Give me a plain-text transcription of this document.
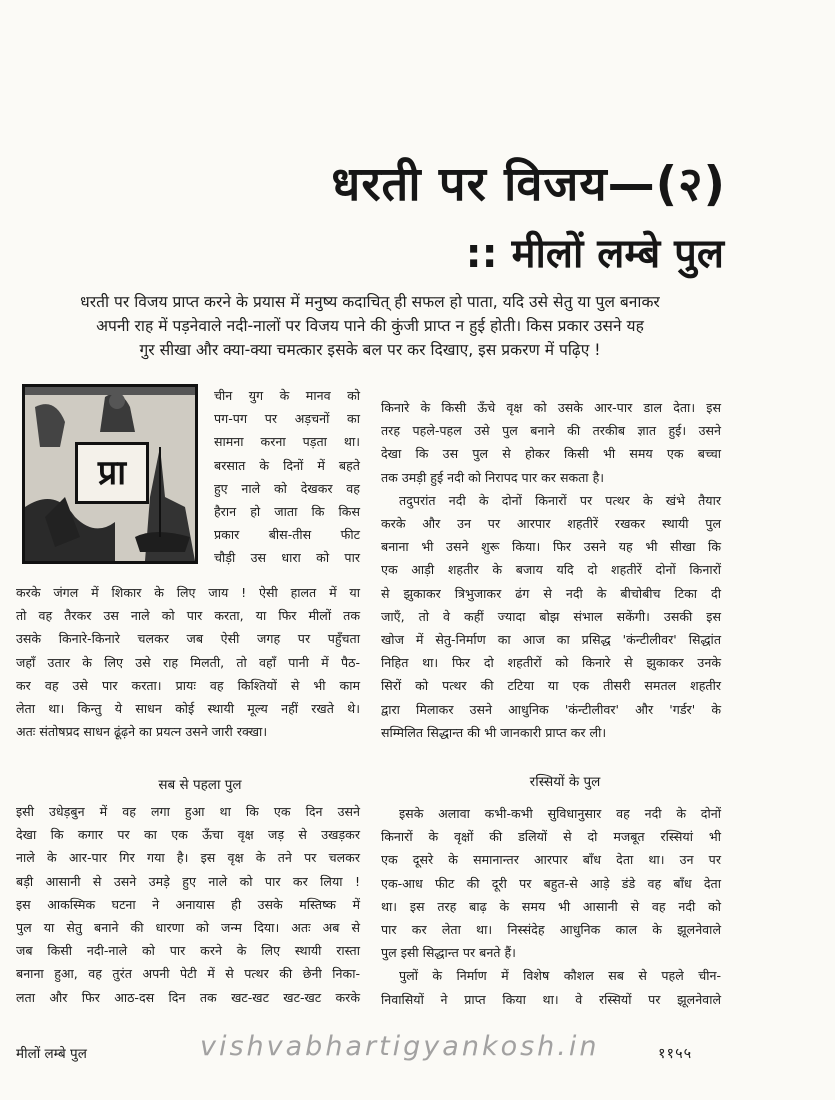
धरती पर विजय—(२)
:: मीलों लम्बे पुल
धरती पर विजय प्राप्त करने के प्रयास में मनुष्य कदाचित् ही सफल हो पाता, यदि उसे सेतु या पुल बनाकर
अपनी राह में पड़नेवाले नदी-नालों पर विजय पाने की कुंजी प्राप्त न हुई होती। किस प्रकार उसने यह
गुर सीखा और क्या-क्या चमत्कार इसके बल पर कर दिखाए, इस प्रकरण में पढ़िए !
प्रा

चीन युग के मानव को

पग-पग पर अड़चनों का

सामना करना पड़ता था।

बरसात के दिनों में बहते

हुए नाले को देखकर वह

हैरान हो जाता कि किस

प्रकार बीस-तीस फीट

चौड़ी उस धारा को पार

करके जंगल में शिकार के लिए जाय ! ऐसी हालत में या

तो वह तैरकर उस नाले को पार करता, या फिर मीलों तक

उसके किनारे-किनारे चलकर जब ऐसी जगह पर पहुँचता

जहाँ उतार के लिए उसे राह मिलती, तो वहाँ पानी में पैठ-

कर वह उसे पार करता। प्रायः वह किश्तियों से भी काम

लेता था। किन्तु ये साधन कोई स्थायी मूल्य नहीं रखते थे।

अतः संतोषप्रद साधन ढूंढ़ने का प्रयत्न उसने जारी रक्खा।

सब से पहला पुल

इसी उधेड़बुन में वह लगा हुआ था कि एक दिन उसने

देखा कि कगार पर का एक ऊँचा वृक्ष जड़ से उखड़कर

नाले के आर-पार गिर गया है। इस वृक्ष के तने पर चलकर

बड़ी आसानी से उसने उमड़े हुए नाले को पार कर लिया !

इस आकस्मिक घटना ने अनायास ही उसके मस्तिष्क में

पुल या सेतु बनाने की धारणा को जन्म दिया। अतः अब से

जब किसी नदी-नाले को पार करने के लिए स्थायी रास्ता

बनाना हुआ, वह तुरंत अपनी पेटी में से पत्थर की छेनी निका-

लता और फिर आठ-दस दिन तक खट-खट खट-खट करके

किनारे के किसी ऊँचे वृक्ष को उसके आर-पार डाल देता। इस

तरह पहले-पहल उसे पुल बनाने की तरकीब ज्ञात हुई। उसने

देखा कि उस पुल से होकर किसी भी समय एक बच्चा

तक उमड़ी हुई नदी को निरापद पार कर सकता है।

तदुपरांत नदी के दोनों किनारों पर पत्थर के खंभे तैयार

करके और उन पर आरपार शहतीरें रखकर स्थायी पुल

बनाना भी उसने शुरू किया। फिर उसने यह भी सीखा कि

एक आड़ी शहतीर के बजाय यदि दो शहतीरें दोनों किनारों

से झुकाकर त्रिभुजाकर ढंग से नदी के बीचोबीच टिका दी

जाएँ, तो वे कहीं ज्यादा बोझ संभाल सकेंगी। उसकी इस

खोज में सेतु-निर्माण का आज का प्रसिद्ध 'कंन्टीलीवर' सिद्धांत

निहित था। फिर दो शहतीरों को किनारे से झुकाकर उनके

सिरों को पत्थर की टटिया या एक तीसरी समतल शहतीर

द्वारा मिलाकर उसने आधुनिक 'कंन्टीलीवर' और 'गर्डर' के

सम्मिलित सिद्धान्त की भी जानकारी प्राप्त कर ली।

रस्सियों के पुल

इसके अलावा कभी-कभी सुविधानुसार वह नदी के दोनों

किनारों के वृक्षों की डलियों से दो मजबूत रस्सियां भी

एक दूसरे के समानान्तर आरपार बाँध देता था। उन पर

एक-आध फीट की दूरी पर बहुत-से आड़े डंडे वह बाँध देता

था। इस तरह बाढ़ के समय भी आसानी से वह नदी को

पार कर लेता था। निस्संदेह आधुनिक काल के झूलनेवाले

पुल इसी सिद्धान्त पर बनते हैं।

पुलों के निर्माण में विशेष कौशल सब से पहले चीन-

निवासियों ने प्राप्त किया था। वे रस्सियों पर झूलनेवाले

मीलों लम्बे पुल	vishvabhartigyankosh.in	११५५
